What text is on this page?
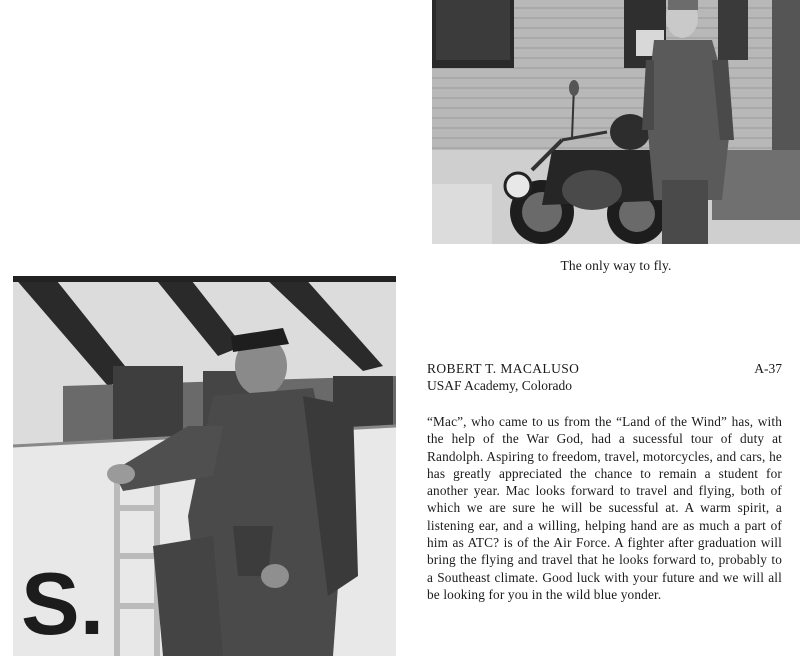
The only way to fly.
S.
ROBERT T. MACALUSO	A-37
USAF Academy, Colorado
“Mac”, who came to us from the “Land of the Wind” has, with the help of the War God, had a sucessful tour of duty at Randolph. Aspiring to freedom, travel, motorcycles, and cars, he has greatly appreciated the chance to remain a student for another year. Mac looks forward to travel and flying, both of which we are sure he will be sucessful at. A warm spirit, a listening ear, and a willing, helping hand are as much a part of him as ATC? is of the Air Force. A fighter after graduation will bring the flying and travel that he looks forward to, probably to a Southeast climate. Good luck with your future and we will all be looking for you in the wild blue yonder.
